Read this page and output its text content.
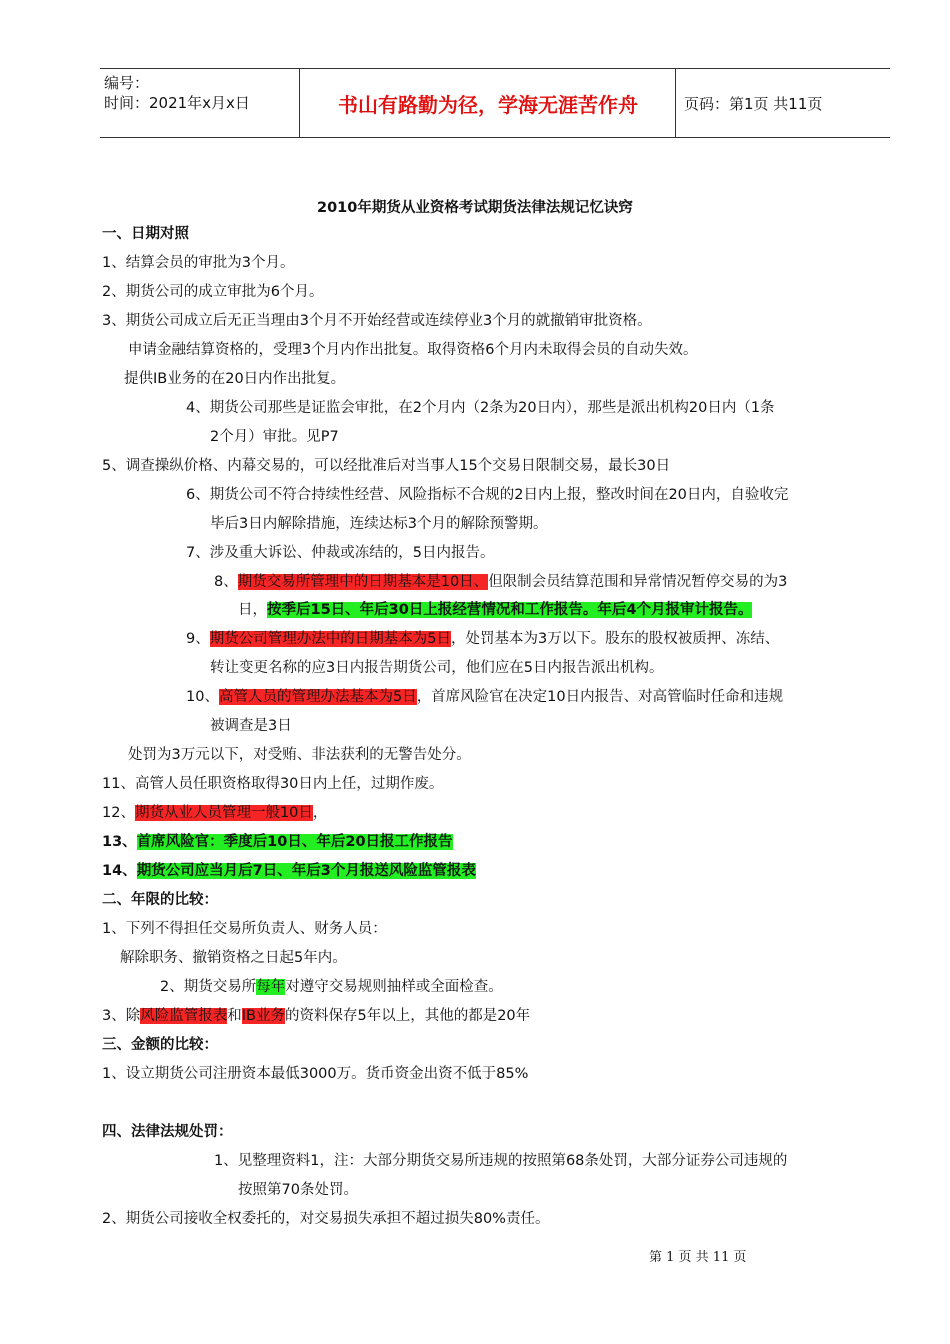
编号：
时间：2021年x月x日	书山有路勤为径，学海无涯苦作舟	页码：第1页 共11页
2010年期货从业资格考试期货法律法规记忆诀窍
一、日期对照
1、结算会员的审批为3个月。
2、期货公司的成立审批为6个月。
3、期货公司成立后无正当理由3个月不开始经营或连续停业3个月的就撤销审批资格。
申请金融结算资格的，受理3个月内作出批复。取得资格6个月内未取得会员的自动失效。
提供IB业务的在20日内作出批复。
4、期货公司那些是证监会审批，在2个月内（2条为20日内），那些是派出机构20日内（1条
2个月）审批。见P7
5、调查操纵价格、内幕交易的，可以经批准后对当事人15个交易日限制交易，最长30日
6、期货公司不符合持续性经营、风险指标不合规的2日内上报，整改时间在20日内，自验收完
毕后3日内解除措施，连续达标3个月的解除预警期。
7、涉及重大诉讼、仲裁或冻结的，5日内报告。
8、期货交易所管理中的日期基本是10日、但限制会员结算范围和异常情况暂停交易的为3
日，按季后15日、年后30日上报经营情况和工作报告。年后4个月报审计报告。
9、期货公司管理办法中的日期基本为5日，处罚基本为3万以下。股东的股权被质押、冻结、
转让变更名称的应3日内报告期货公司，他们应在5日内报告派出机构。
10、高管人员的管理办法基本为5日，首席风险官在决定10日内报告、对高管临时任命和违规
被调查是3日
处罚为3万元以下，对受贿、非法获利的无警告处分。
11、高管人员任职资格取得30日内上任，过期作废。
12、期货从业人员管理一般10日，
13、首席风险官：季度后10日、年后20日报工作报告
14、期货公司应当月后7日、年后3个月报送风险监管报表
二、年限的比较：
1、下列不得担任交易所负责人、财务人员：
解除职务、撤销资格之日起5年内。
2、期货交易所每年对遵守交易规则抽样或全面检查。
3、除风险监管报表和IB业务的资料保存5年以上，其他的都是20年
三、金额的比较：
1、设立期货公司注册资本最低3000万。货币资金出资不低于85%
四、法律法规处罚：
1、见整理资料1，注：大部分期货交易所违规的按照第68条处罚，大部分证券公司违规的
按照第70条处罚。
2、期货公司接收全权委托的，对交易损失承担不超过损失80%责任。
第 1 页 共 11 页
